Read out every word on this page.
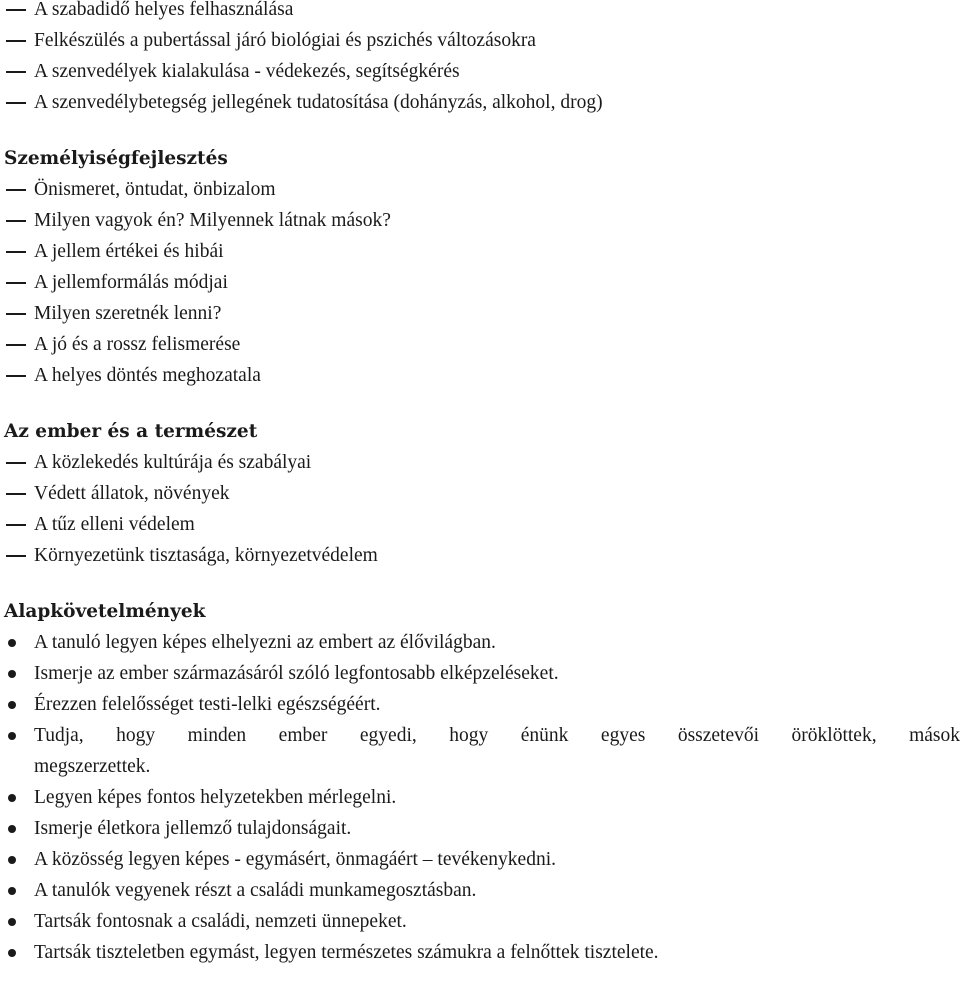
A szabadidő helyes felhasználása
Felkészülés a pubertással járó biológiai és pszichés változásokra
A szenvedélyek kialakulása - védekezés, segítségkérés
A szenvedélybetegség jellegének tudatosítása (dohányzás, alkohol, drog)
Személyiségfejlesztés
Önismeret, öntudat, önbizalom
Milyen vagyok én? Milyennek látnak mások?
A jellem értékei és hibái
A jellemformálás módjai
Milyen szeretnék lenni?
A jó és a rossz felismerése
A helyes döntés meghozatala
Az ember és a természet
A közlekedés kultúrája és szabályai
Védett állatok, növények
A tűz elleni védelem
Környezetünk tisztasága, környezetvédelem
Alapkövetelmények
A tanuló legyen képes elhelyezni az embert az élővilágban.
Ismerje az ember származásáról szóló legfontosabb elképzeléseket.
Érezzen felelősséget testi-lelki egészségéért.
Tudja, hogy minden ember egyedi, hogy énünk egyes összetevői öröklöttek, mások
megszerzettek.
Legyen képes fontos helyzetekben mérlegelni.
Ismerje életkora jellemző tulajdonságait.
A közösség legyen képes - egymásért, önmagáért – tevékenykedni.
A tanulók vegyenek részt a családi munkamegosztásban.
Tartsák fontosnak a családi, nemzeti ünnepeket.
Tartsák tiszteletben egymást, legyen természetes számukra a felnőttek tisztelete.
